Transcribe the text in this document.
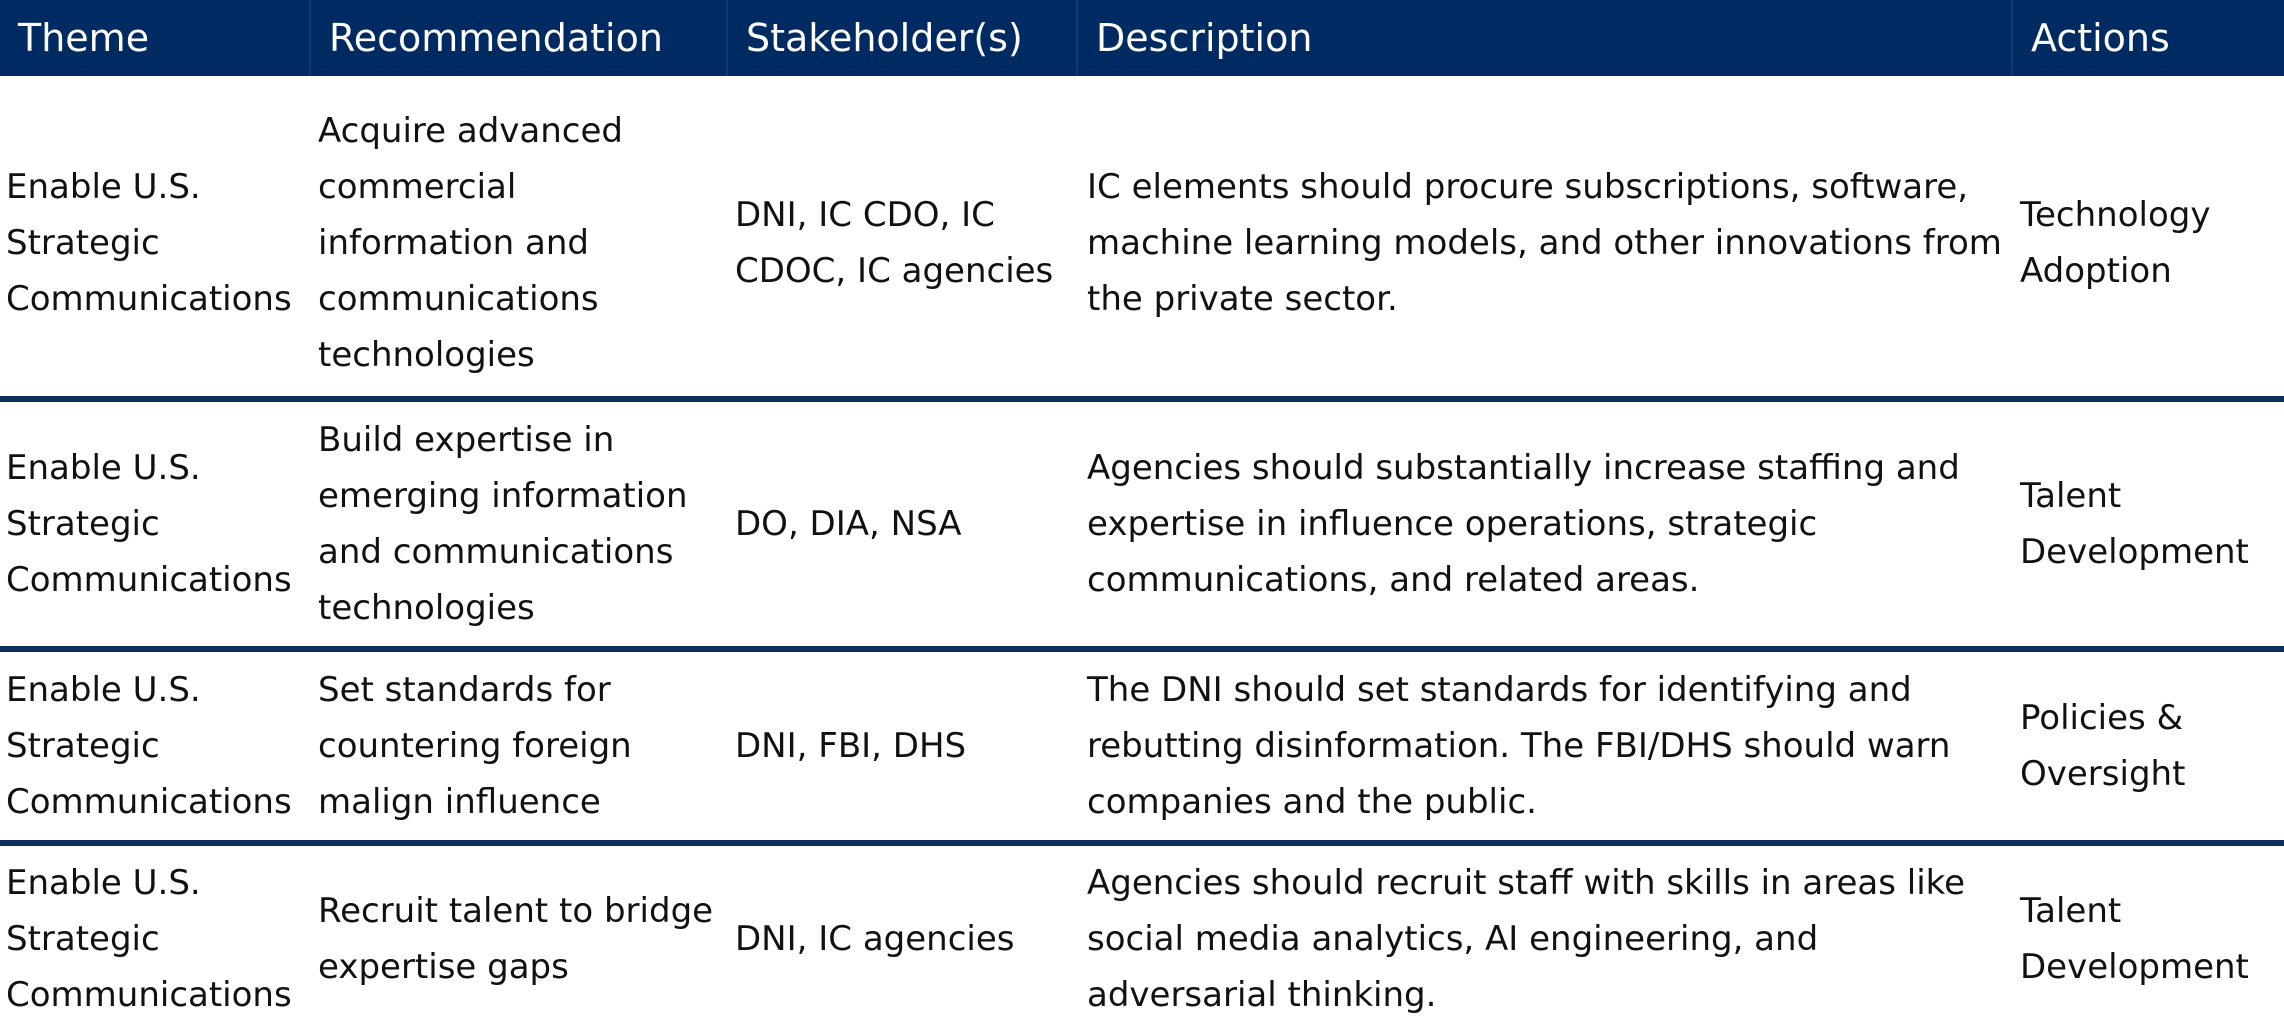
Theme	Recommendation	Stakeholder(s)	Description	Actions
Enable U.S. Strategic Communications	Acquire advanced commercial information and communications technologies	DNI, IC CDO, IC CDOC, IC agencies	IC elements should procure subscriptions, software, machine learning models, and other innovations from the private sector.	Technology Adoption
Enable U.S. Strategic Communications	Build expertise in emerging information and communications technologies	DO, DIA, NSA	Agencies should substantially increase staffing and expertise in influence operations, strategic communications, and related areas.	Talent Development
Enable U.S. Strategic Communications	Set standards for countering foreign malign influence	DNI, FBI, DHS	The DNI should set standards for identifying and rebutting disinformation. The FBI/DHS should warn companies and the public.	Policies & Oversight
Enable U.S. Strategic Communications	Recruit talent to bridge expertise gaps	DNI, IC agencies	Agencies should recruit staff with skills in areas like social media analytics, AI engineering, and adversarial thinking.	Talent Development
